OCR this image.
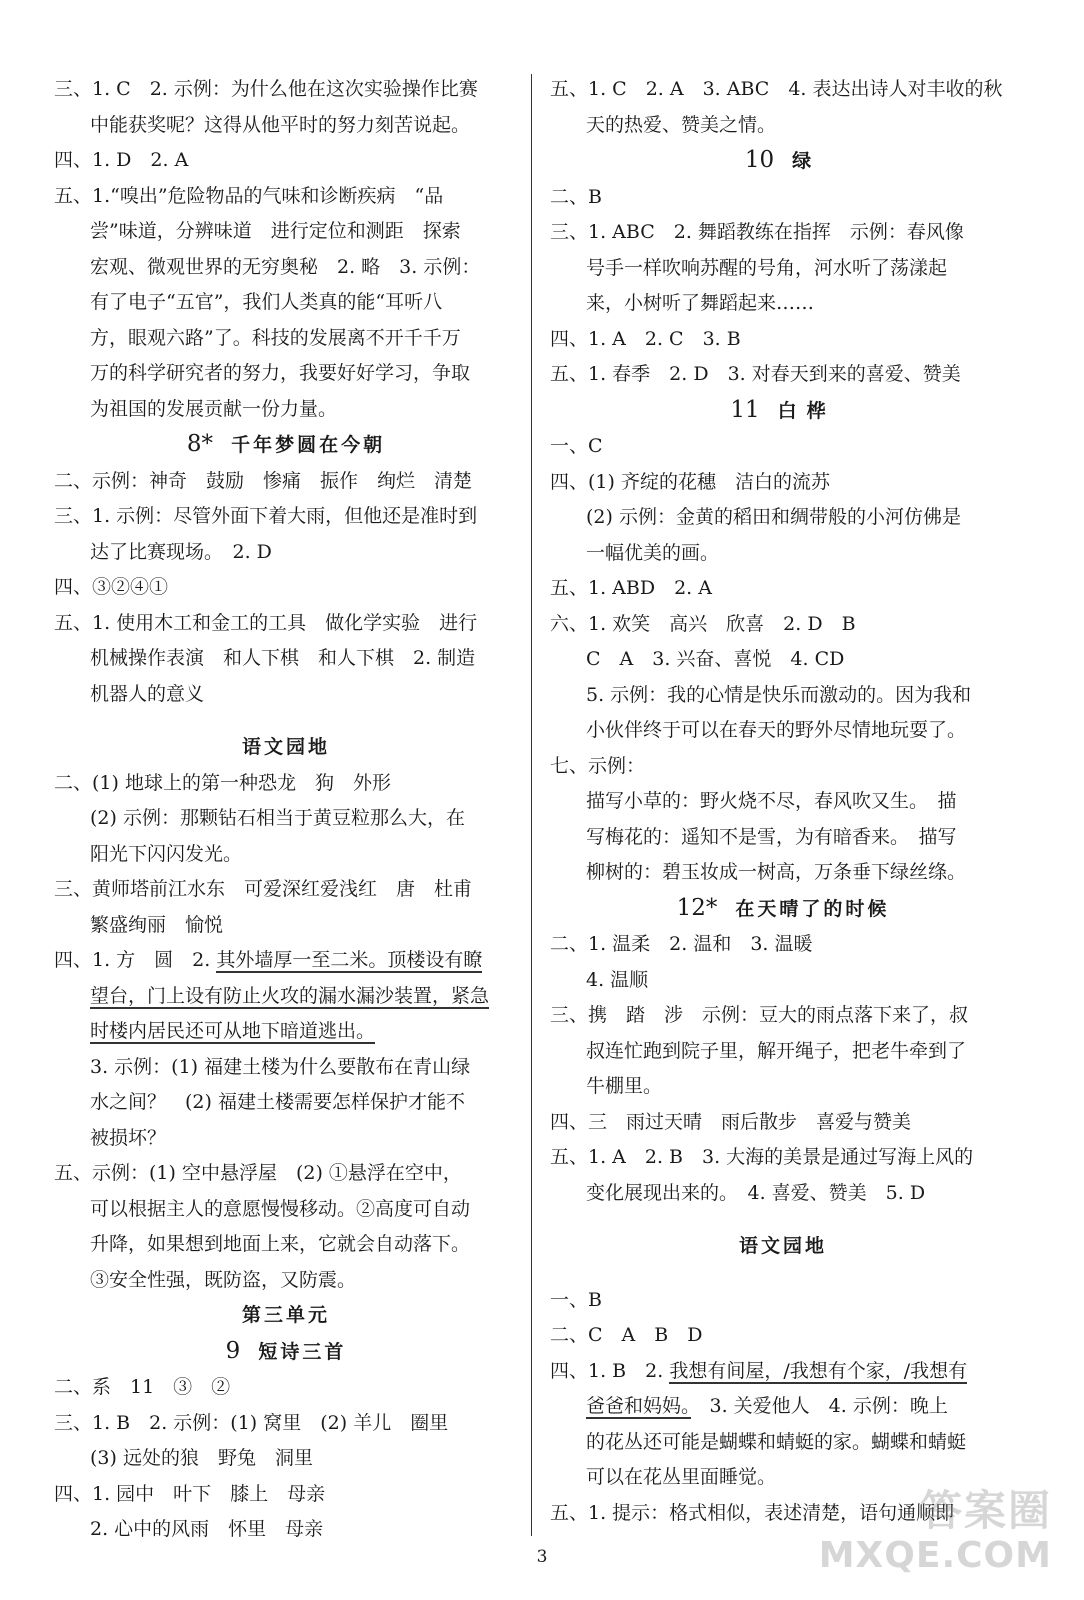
三、1. C　2. 示例：为什么他在这次实验操作比赛
中能获奖呢？这得从他平时的努力刻苦说起。
四、1. D　2. A
五、1.“嗅出”危险物品的气味和诊断疾病　“品
尝”味道，分辨味道　进行定位和测距　探索
宏观、微观世界的无穷奥秘　2. 略　3. 示例：
有了电子“五官”，我们人类真的能“耳听八
方，眼观六路”了。科技的发展离不开千千万
万的科学研究者的努力，我要好好学习，争取
为祖国的发展贡献一份力量。
8* 千年梦圆在今朝
二、示例：神奇　鼓励　惨痛　振作　绚烂　清楚
三、1. 示例：尽管外面下着大雨，但他还是准时到
达了比赛现场。　2. D
四、③②④①
五、1. 使用木工和金工的工具　做化学实验　进行
机械操作表演　和人下棋　和人下棋　2. 制造
机器人的意义
语文园地
二、(1) 地球上的第一种恐龙　狗　外形
(2) 示例：那颗钻石相当于黄豆粒那么大，在
阳光下闪闪发光。
三、黄师塔前江水东　可爱深红爱浅红　唐　杜甫
繁盛绚丽　愉悦
四、1. 方　圆　2. 其外墙厚一至二米。顶楼设有瞭
望台，门上设有防止火攻的漏水漏沙装置，紧急
时楼内居民还可从地下暗道逃出。
3. 示例：(1) 福建土楼为什么要散布在青山绿
水之间？　(2) 福建土楼需要怎样保护才能不
被损坏？
五、示例：(1) 空中悬浮屋　(2) ①悬浮在空中，
可以根据主人的意愿慢慢移动。②高度可自动
升降，如果想到地面上来，它就会自动落下。
③安全性强，既防盗，又防震。
第三单元
9 短诗三首
二、系　11　③　②
三、1. B　2. 示例：(1) 窝里　(2) 羊儿　圈里
(3) 远处的狼　野兔　洞里
四、1. 园中　叶下　膝上　母亲
2. 心中的风雨　怀里　母亲
五、1. C　2. A　3. ABC　4. 表达出诗人对丰收的秋
天的热爱、赞美之情。
10 绿
二、B
三、1. ABC　2. 舞蹈教练在指挥　示例：春风像
号手一样吹响苏醒的号角，河水听了荡漾起
来，小树听了舞蹈起来……
四、1. A　2. C　3. B
五、1. 春季　2. D　3. 对春天到来的喜爱、赞美
11 白桦
一、C
四、(1) 齐绽的花穗　洁白的流苏
(2) 示例：金黄的稻田和绸带般的小河仿佛是
一幅优美的画。
五、1. ABD　2. A
六、1. 欢笑　高兴　欣喜　2. D　B
C　A　3. 兴奋、喜悦　4. CD
5. 示例：我的心情是快乐而激动的。因为我和
小伙伴终于可以在春天的野外尽情地玩耍了。
七、示例：
描写小草的：野火烧不尽，春风吹又生。　描
写梅花的：遥知不是雪，为有暗香来。　描写
柳树的：碧玉妆成一树高，万条垂下绿丝绦。
12* 在天晴了的时候
二、1. 温柔　2. 温和　3. 温暖
4. 温顺
三、携　踏　涉　示例：豆大的雨点落下来了，叔
叔连忙跑到院子里，解开绳子，把老牛牵到了
牛棚里。
四、三　雨过天晴　雨后散步　喜爱与赞美
五、1. A　2. B　3. 大海的美景是通过写海上风的
变化展现出来的。　4. 喜爱、赞美　5. D
语文园地
一、B
二、C　A　B　D
四、1. B　2. 我想有间屋，/我想有个家，/我想有
爸爸和妈妈。　3. 关爱他人　4. 示例：晚上
的花丛还可能是蝴蝶和蜻蜓的家。蝴蝶和蜻蜓
可以在花丛里面睡觉。
五、1. 提示：格式相似，表述清楚，语句通顺即
3
答案圈
MXQE.COM
